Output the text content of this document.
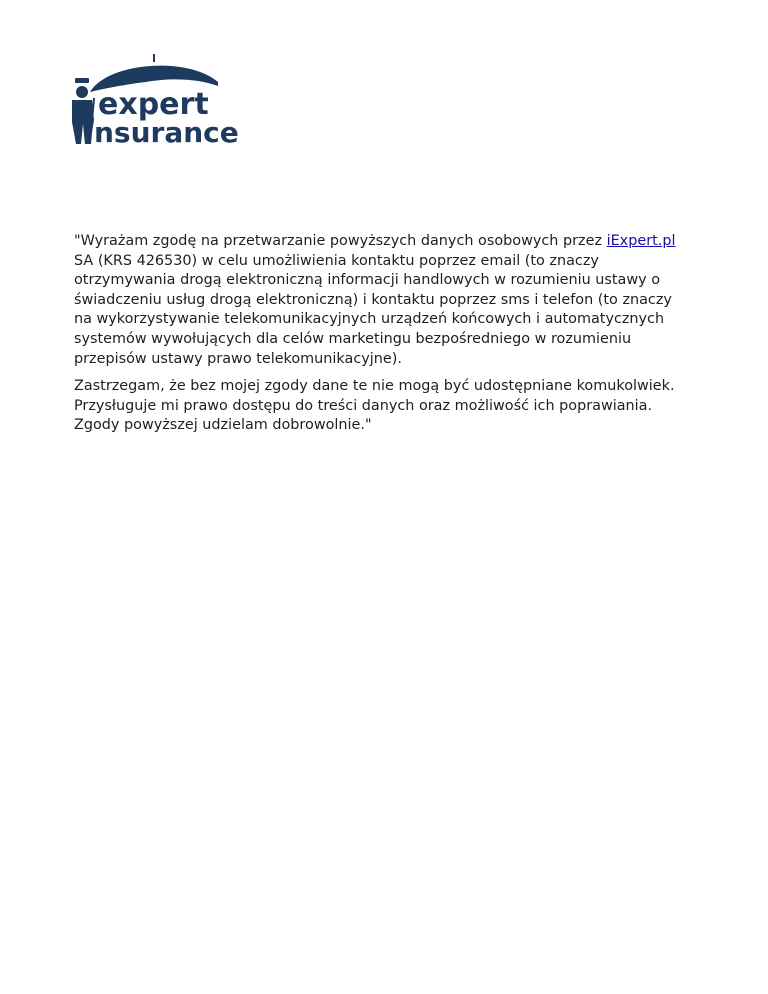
expert
nsurance

"Wyrażam zgodę na przetwarzanie powyższych danych osobowych przez iExpert.pl SA (KRS 426530) w celu umożliwienia kontaktu poprzez email (to znaczy otrzymywania drogą elektroniczną informacji handlowych w rozumieniu ustawy o świadczeniu usług drogą elektroniczną) i kontaktu poprzez sms i telefon (to znaczy na wykorzystywanie telekomunikacyjnych urządzeń końcowych i automatycznych systemów wywołujących dla celów marketingu bezpośredniego w rozumieniu przepisów ustawy prawo telekomunikacyjne).

Zastrzegam, że bez mojej zgody dane te nie mogą być udostępniane komukolwiek. Przysługuje mi prawo dostępu do treści danych oraz możliwość ich poprawiania. Zgody powyższej udzielam dobrowolnie."
